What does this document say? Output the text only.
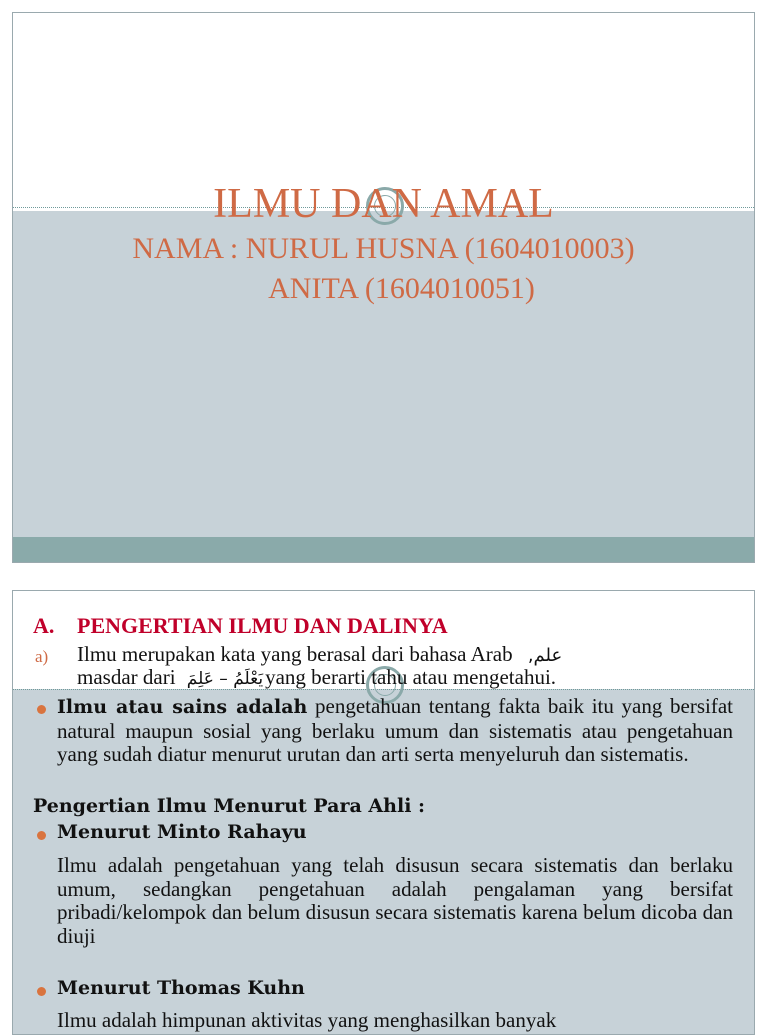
ILMU DAN AMAL
NAMA : NURUL HUSNA (1604010003)
ANITA (1604010051)
A. PENGERTIAN ILMU DAN DALINYA
a) Ilmu merupakan kata yang berasal dari bahasa Arab علم,
masdar dari يَعْلَمُ – عَلِمَyang berarti tahu atau mengetahui.
Ilmu atau sains adalah pengetahuan tentang fakta baik itu yang bersifat natural maupun sosial yang berlaku umum dan sistematis atau pengetahuan yang sudah diatur menurut urutan dan arti serta menyeluruh dan sistematis.
Pengertian Ilmu Menurut Para Ahli :
Menurut Minto Rahayu
Ilmu adalah pengetahuan yang telah disusun secara sistematis dan berlaku umum, sedangkan pengetahuan adalah pengalaman yang bersifat pribadi/kelompok dan belum disusun secara sistematis karena belum dicoba dan diuji
Menurut Thomas Kuhn
Ilmu adalah himpunan aktivitas yang menghasilkan banyak
